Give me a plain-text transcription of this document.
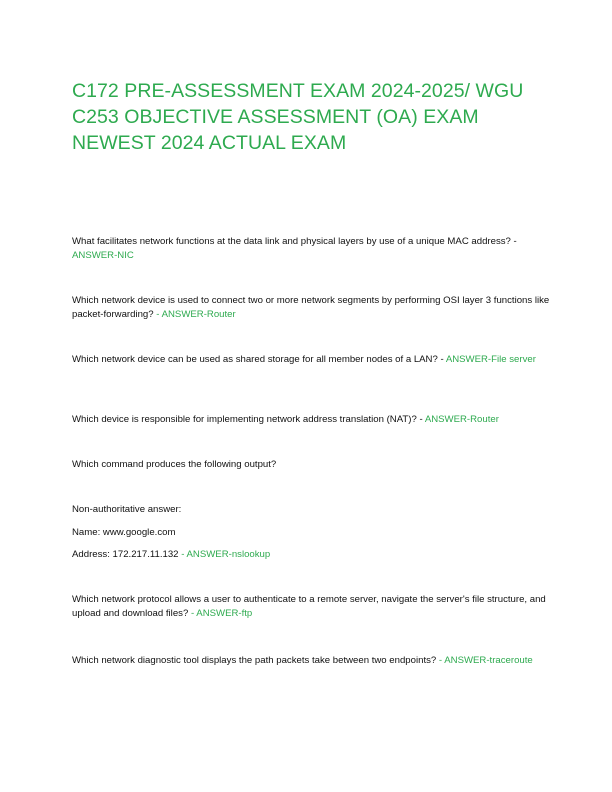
C172 PRE-ASSESSMENT EXAM 2024-2025/ WGU C253 OBJECTIVE ASSESSMENT (OA) EXAM NEWEST 2024 ACTUAL EXAM

What facilitates network functions at the data link and physical layers by use of a unique MAC address? - ANSWER-NIC

Which network device is used to connect two or more network segments by performing OSI layer 3 functions like packet-forwarding? - ANSWER-Router

Which network device can be used as shared storage for all member nodes of a LAN? - ANSWER-File server

Which device is responsible for implementing network address translation (NAT)? - ANSWER-Router

Which command produces the following output?

Non-authoritative answer:

Name: www.google.com

Address: 172.217.11.132 - ANSWER-nslookup

Which network protocol allows a user to authenticate to a remote server, navigate the server's file structure, and upload and download files? - ANSWER-ftp

Which network diagnostic tool displays the path packets take between two endpoints? - ANSWER-traceroute
